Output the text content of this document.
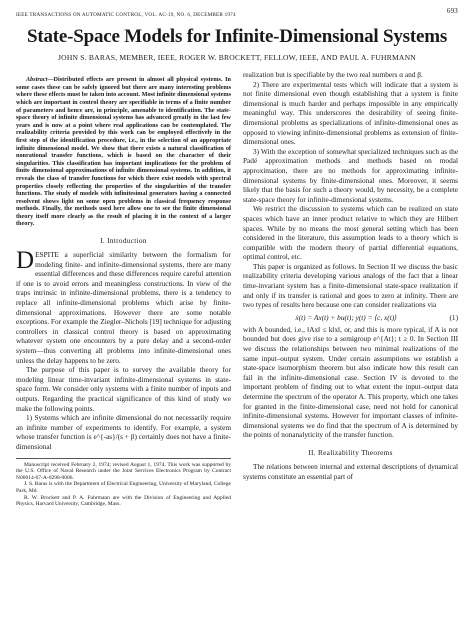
IEEE TRANSACTIONS ON AUTOMATIC CONTROL, VOL. AC-19, NO. 6, DECEMBER 1974	693
State-Space Models for Infinite-Dimensional Systems
JOHN S. BARAS, MEMBER, IEEE, ROGER W. BROCKETT, FELLOW, IEEE, AND PAUL A. FUHRMANN

Abstract—Distributed effects are present in almost all physical systems. In some cases these can be safely ignored but there are many interesting problems where these effects must be taken into account. Most infinite dimensional systems which are important in control theory are specifiable in terms of a finite number of parameters and hence are, in principle, amenable to identification. The state-space theory of infinite dimensional systems has advanced greatly in the last few years and is now at a point where real applications can be contemplated. The realizability criteria provided by this work can be employed effectively in the first step of the identification procedure, i.e., in the selection of an appropriate infinite dimensional model. We show that there exists a natural classification of nonrational transfer functions, which is based on the character of their singularities. This classification has important implications for the problem of finite dimensional approximations of infinite dimensional systems. In addition, it reveals the class of transfer functions for which there exist models with spectral properties closely reflecting the properties of the singularities of the transfer functions. The study of models with infinitesimal generators having a connected resolvent shows light on some open problems in classical frequency response methods. Finally, the methods used here allow one to see the finite dimensional theory itself more clearly as the result of placing it in the context of a larger theory.

I. Introduction

DESPITE a superficial similarity between the formalism for modeling finite- and infinite-dimensional systems, there are many essential differences and these differences require careful attention if one is to avoid errors and meaningless constructions. In view of the traps intrinsic in infinite-dimensional problems, there is a tendency to replace all infinite-dimensional problems which arise by finite-dimensional approximations. However there are some notable exceptions. For example the Ziegler–Nichols [19] technique for adjusting controllers in classical control theory is based on approximating whatever system one encounters by a pure delay and a second-order system—thus converting all problems into infinite-dimensional ones unless the delay happens to be zero.

The purpose of this paper is to survey the available theory for modeling linear time-invariant infinite-dimensional systems in state-space form. We consider only systems with a finite number of inputs and outputs. Regarding the practical significance of this kind of study we make the following points.

1) Systems which are infinite dimensional do not necessarily require an infinite number of experiments to identify. For example, a system whose transfer function is e^{-as}/(s + β) certainly does not have a finite-dimensional

Manuscript received February 2, 1974; revised August 1, 1974. This work was supported by the U.S. Office of Naval Research under the Joint Services Electronics Program by Contract N00014-67-A-0298-0006.

J. S. Baras is with the Department of Electrical Engineering, University of Maryland, College Park, Md.

R. W. Brockett and P. A. Fuhrmann are with the Division of Engineering and Applied Physics, Harvard University, Cambridge, Mass.

realization but is specifiable by the two real numbers α and β.

2) There are experimental tests which will indicate that a system is not finite dimensional even though establishing that a system is finite dimensional is much harder and perhaps impossible in any empirically meaningful way. This underscores the desirability of seeing finite-dimensional problems as specializations of infinite-dimensional ones as opposed to viewing infinite-dimensional problems as extension of finite-dimensional ones.

3) With the exception of somewhat specialized techniques such as the Padé approximation methods and methods based on modal approximation, there are no methods for approximating infinite-dimensional systems by finite-dimensional ones. Moreover, it seems likely that the basis for such a theory would, by necessity, be a complete state-space theory for infinite-dimensional systems.

We restrict the discussion to systems which can be realized on state spaces which have an inner product relative to which they are Hilbert spaces. While by no means the most general setting which has been considered in the literature, this assumption leads to a theory which is compatible with the modern theory of partial differential equations, optimal control, etc.

This paper is organized as follows. In Section II we discuss the basic realizability criteria developing various analogs of the fact that a linear time-invariant system has a finite-dimensional state-space realization if and only if its transfer is rational and goes to zero at infinity. There are two types of results here because one can consider realizations via

ẋ(t) = Ax(t) + bu(t); y(t) = ⟨c, x(t)⟩	(1)

with A bounded, i.e., ‖Ax‖ ≤ k‖x‖, or, and this is more typical, if A is not bounded but does give rise to a semigroup e^{At}; t ≥ 0. In Section III we discuss the relationships between two minimal realizations of the same input–output system. Under certain assumptions we establish a state-space isomorphism theorem but also indicate how this result can fail in the infinite-dimensional case. Section IV is devoted to the important problem of finding out to what extent the input–output data determine the spectrum of the operator A. This property, which one takes for granted in the finite-dimensional case, need not hold for canonical infinite-dimensional systems. However for important classes of infinite-dimensional systems we do find that the spectrum of A is determined by the points of nonanalyticity of the transfer function.

II. Realizability Theorems

The relations between internal and external descriptions of dynamical systems constitute an essential part of
